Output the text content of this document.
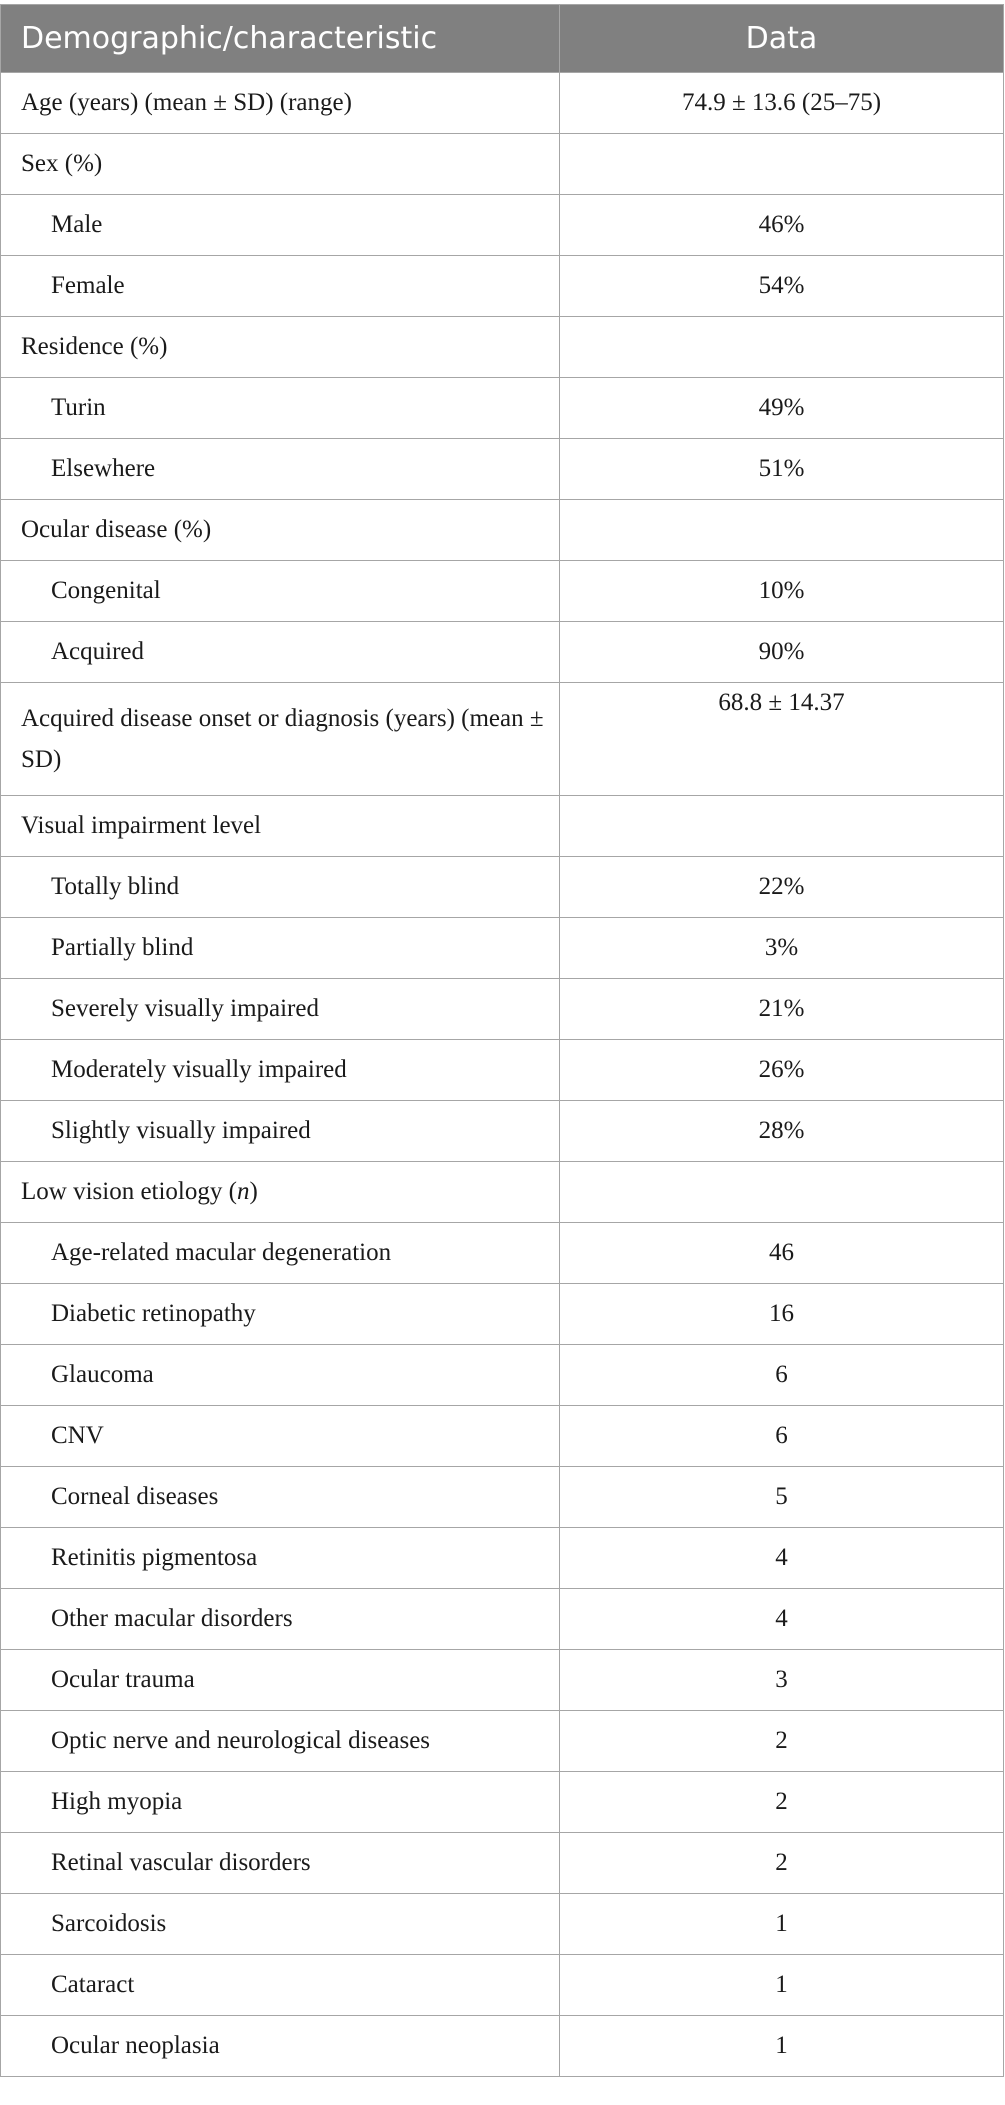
Demographic/characteristic	Data
Age (years) (mean ± SD) (range)	74.9 ± 13.6 (25–75)
Sex (%)	
Male	46%
Female	54%
Residence (%)	
Turin	49%
Elsewhere	51%
Ocular disease (%)	
Congenital	10%
Acquired	90%
Acquired disease onset or diagnosis (years) (mean ± SD)	68.8 ± 14.37
Visual impairment level	
Totally blind	22%
Partially blind	3%
Severely visually impaired	21%
Moderately visually impaired	26%
Slightly visually impaired	28%
Low vision etiology (n)	
Age-related macular degeneration	46
Diabetic retinopathy	16
Glaucoma	6
CNV	6
Corneal diseases	5
Retinitis pigmentosa	4
Other macular disorders	4
Ocular trauma	3
Optic nerve and neurological diseases	2
High myopia	2
Retinal vascular disorders	2
Sarcoidosis	1
Cataract	1
Ocular neoplasia	1
